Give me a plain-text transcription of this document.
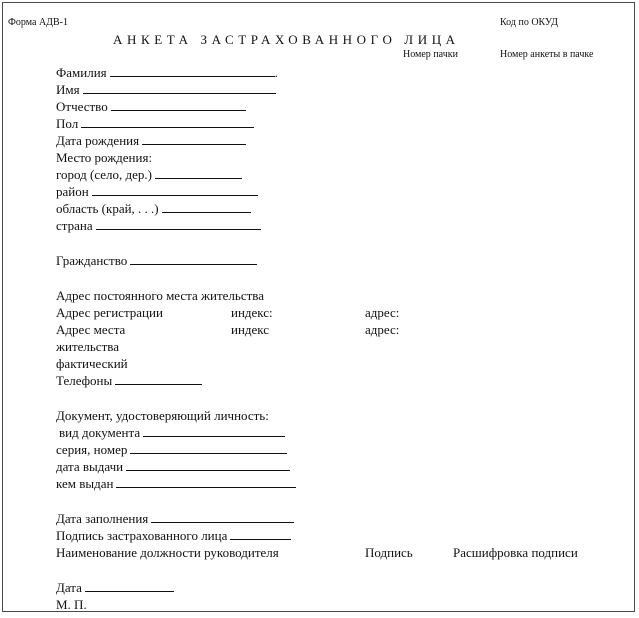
Форма АДВ-1	Код по ОКУД
АНКЕТА ЗАСТРАХОВАННОГО ЛИЦА
Номер пачки	Номер анкеты в пачке
Фамилия	.
Имя
Отчество
Пол
Дата рождения
Место рождения:
город (село, дер.)
район
область (край, . . .)
страна
Гражданство
Адрес постоянного места жительства
Адрес регистрации	индекс:	адрес:
Адрес места	индекс	адрес:
жительства
фактический
Телефоны
Документ, удостоверяющий личность:
вид документа
серия, номер
дата выдачи
кем выдан
Дата заполнения
Подпись застрахованного лица
Наименование должности руководителя	Подпись	Расшифровка подписи
Дата
М. П.
